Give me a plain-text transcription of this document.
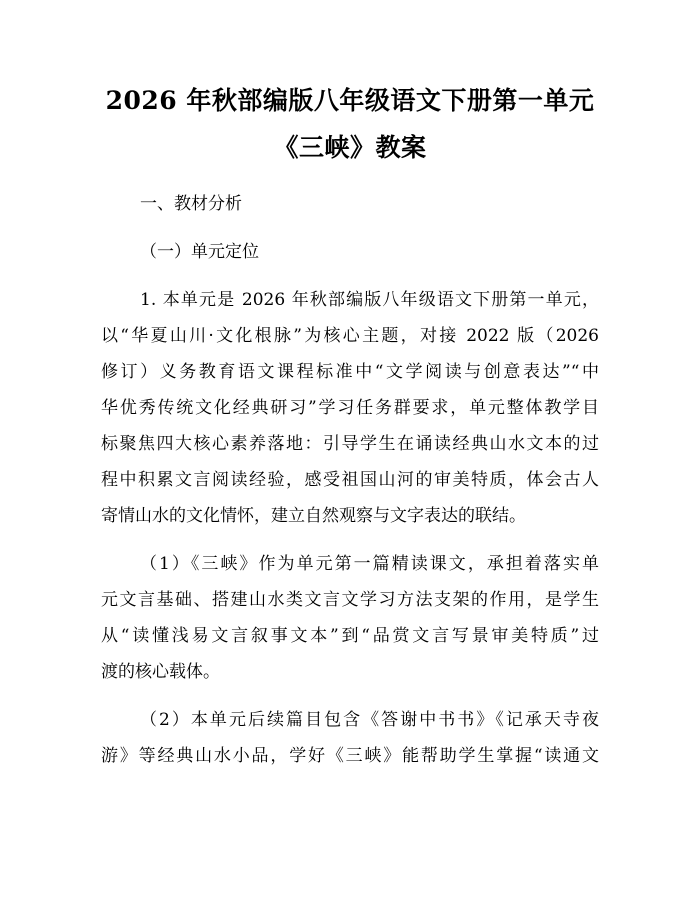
2026 年秋部编版八年级语文下册第一单元
《三峡》教案
一、教材分析
（一）单元定位
1. 本单元是 2026 年秋部编版八年级语文下册第一单元，
以“华夏山川·文化根脉”为核心主题，对接 2022 版（2026
修订）义务教育语文课程标准中“文学阅读与创意表达”“中
华优秀传统文化经典研习”学习任务群要求，单元整体教学目
标聚焦四大核心素养落地：引导学生在诵读经典山水文本的过
程中积累文言阅读经验，感受祖国山河的审美特质，体会古人
寄情山水的文化情怀，建立自然观察与文字表达的联结。
（1）《三峡》作为单元第一篇精读课文，承担着落实单
元文言基础、搭建山水类文言文学习方法支架的作用，是学生
从“读懂浅易文言叙事文本”到“品赏文言写景审美特质”过
渡的核心载体。
（2）本单元后续篇目包含《答谢中书书》《记承天寺夜
游》等经典山水小品，学好《三峡》能帮助学生掌握“读通文
